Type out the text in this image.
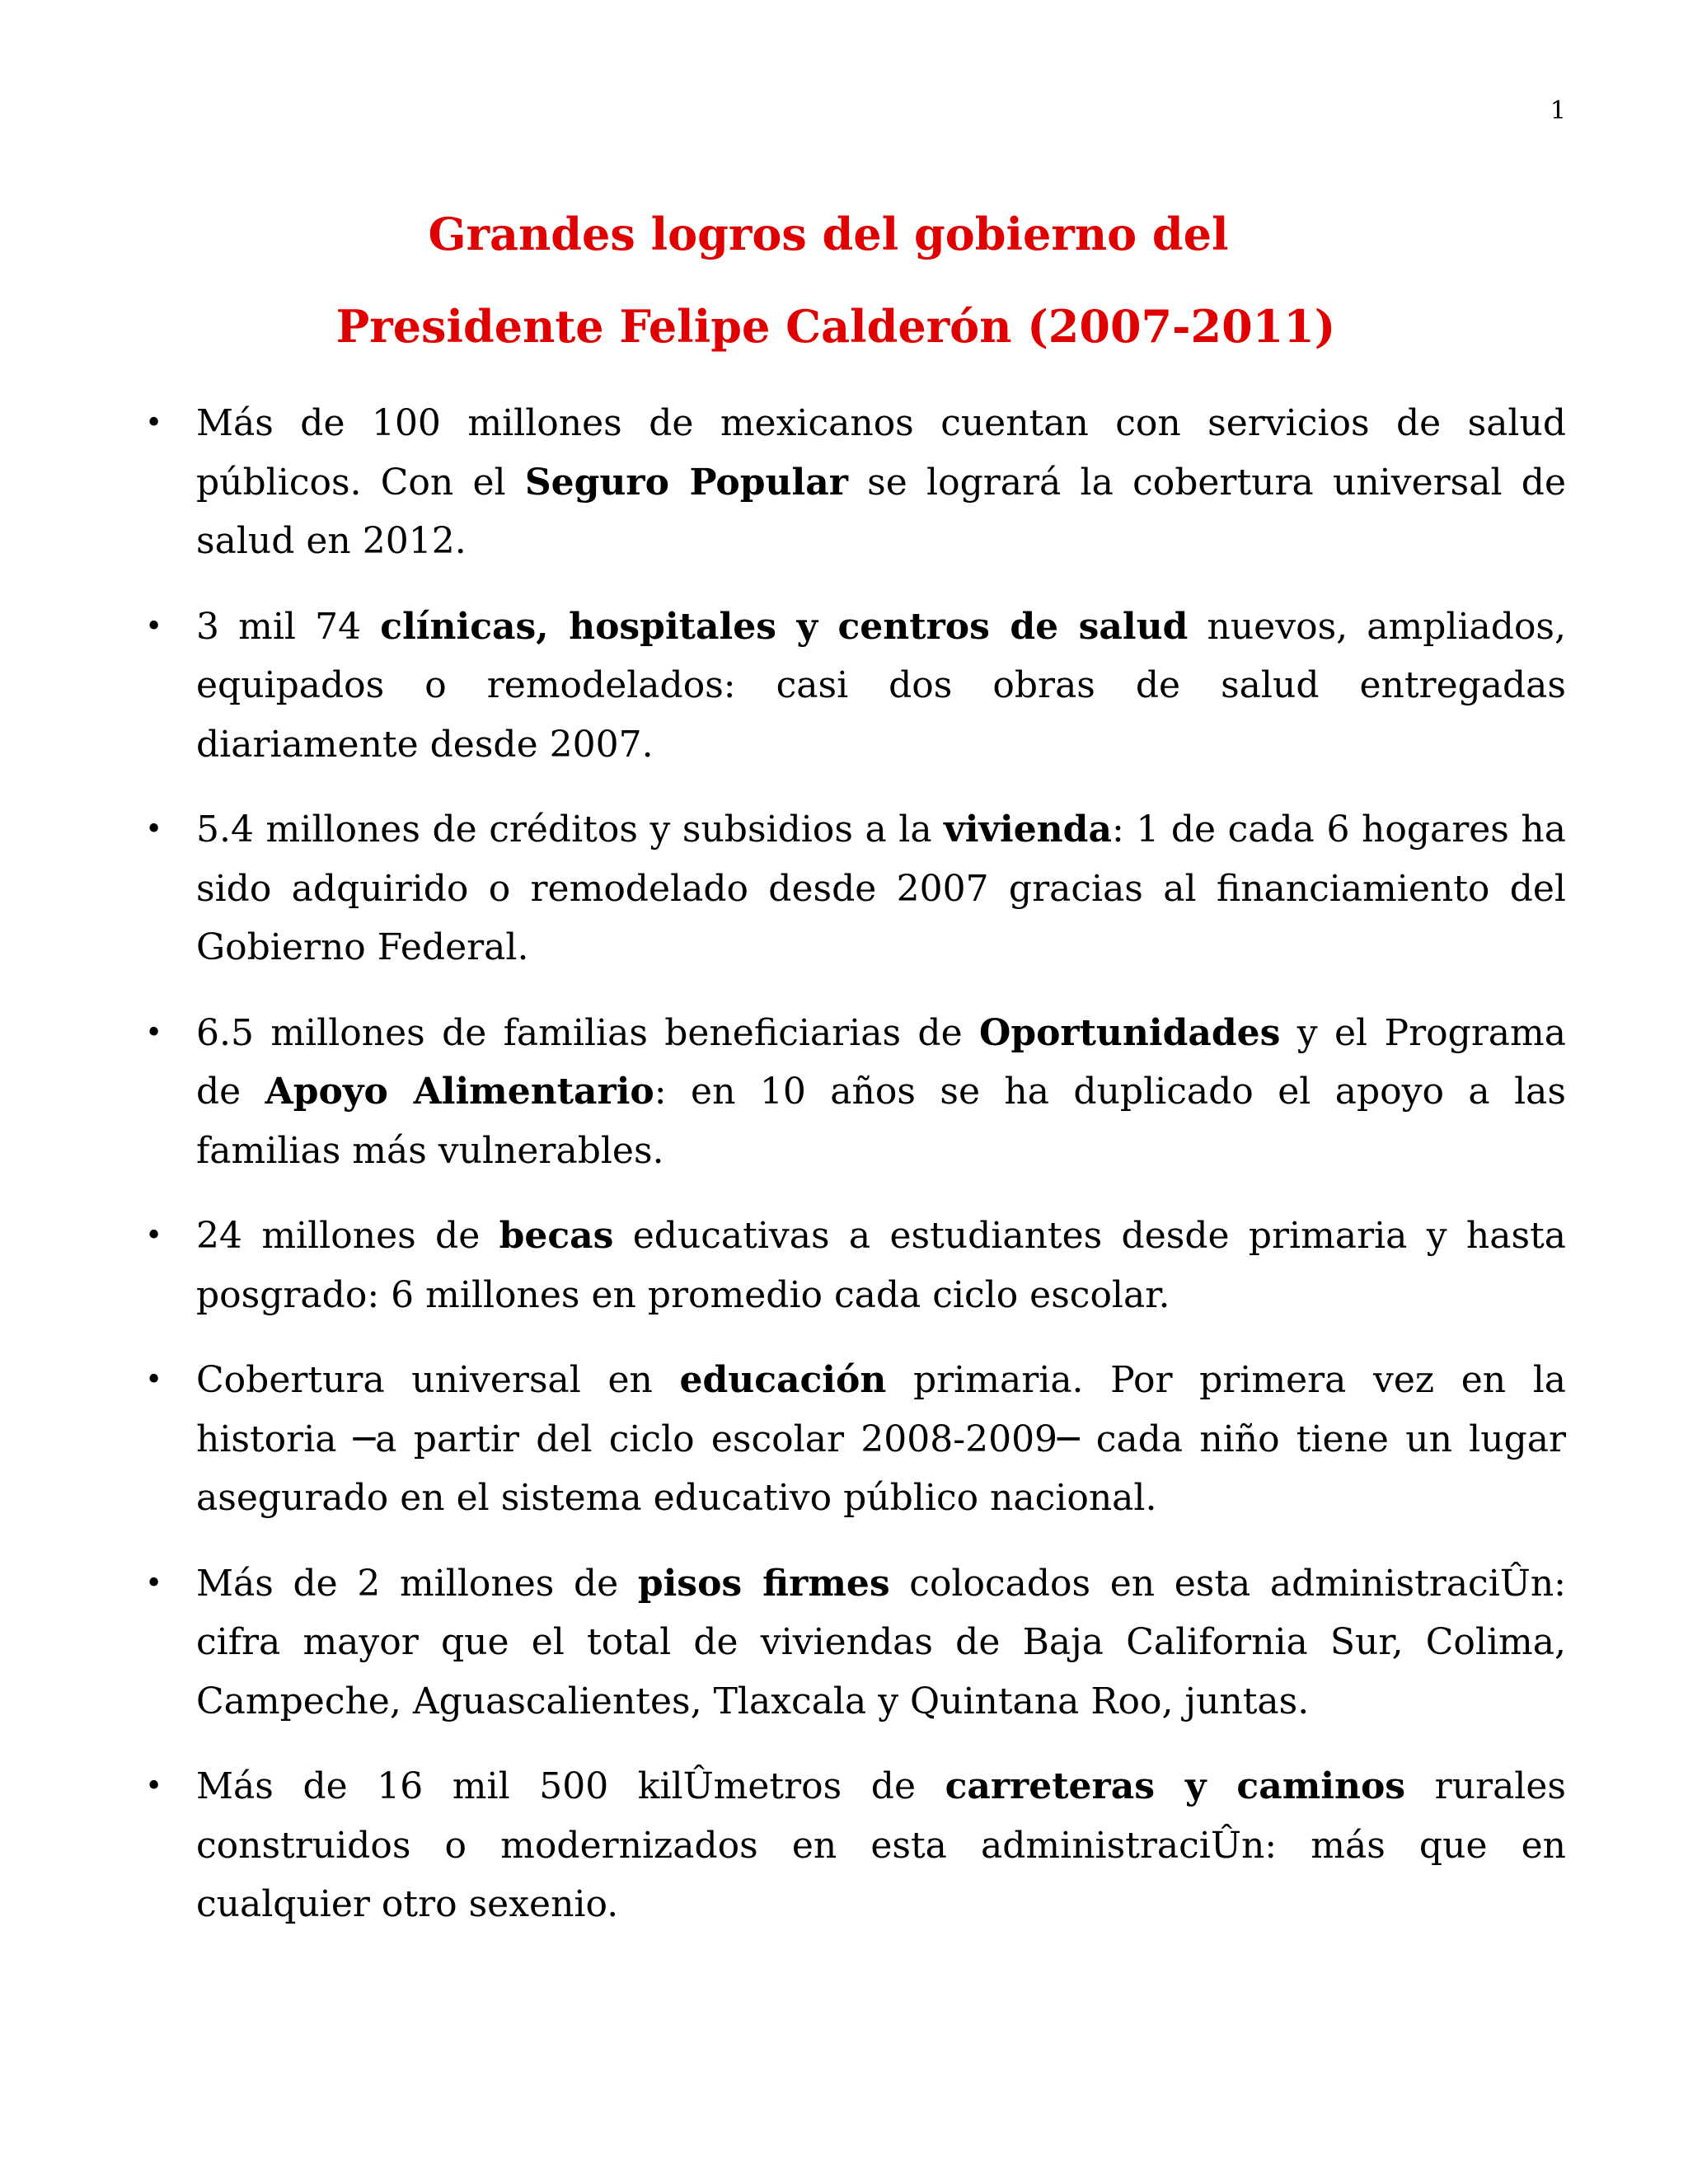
1
Grandes logros del gobierno del
Presidente Felipe Calderón (2007-2011)
• Más de 100 millones de mexicanos cuentan con servicios de salud públicos. Con el Seguro Popular se logrará la cobertura universal de salud en 2012.
• 3 mil 74 clínicas, hospitales y centros de salud nuevos, ampliados, equipados o remodelados: casi dos obras de salud entregadas diariamente desde 2007.
• 5.4 millones de créditos y subsidios a la vivienda: 1 de cada 6 hogares ha sido adquirido o remodelado desde 2007 gracias al financiamiento del Gobierno Federal.
• 6.5 millones de familias beneficiarias de Oportunidades y el Programa de Apoyo Alimentario: en 10 años se ha duplicado el apoyo a las familias más vulnerables.
• 24 millones de becas educativas a estudiantes desde primaria y hasta posgrado: 6 millones en promedio cada ciclo escolar.
• Cobertura universal en educación primaria. Por primera vez en la historia ─a partir del ciclo escolar 2008-2009─ cada niño tiene un lugar asegurado en el sistema educativo público nacional.
• Más de 2 millones de pisos firmes colocados en esta administraciÛn: cifra mayor que el total de viviendas de Baja California Sur, Colima, Campeche, Aguascalientes, Tlaxcala y Quintana Roo, juntas.
• Más de 16 mil 500 kilÛmetros de carreteras y caminos rurales construidos o modernizados en esta administraciÛn: más que en cualquier otro sexenio.
